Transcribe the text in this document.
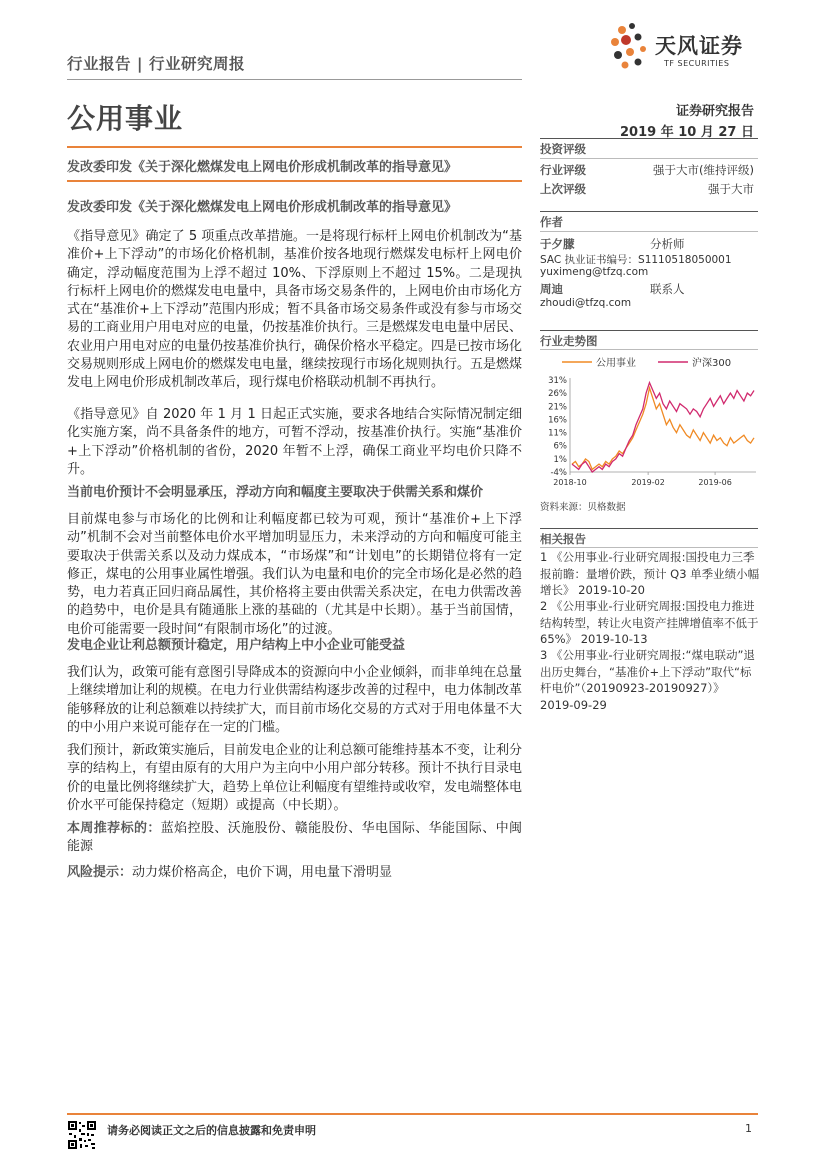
行业报告 | 行业研究周报
天风证券
TF SECURITIES
公用事业	证券研究报告
2019 年 10 月 27 日
发改委印发《关于深化燃煤发电上网电价形成机制改革的指导意见》
发改委印发《关于深化燃煤发电上网电价形成机制改革的指导意见》
《指导意见》确定了 5 项重点改革措施。一是将现行标杆上网电价机制改为“基准价+上下浮动”的市场化价格机制，基准价按各地现行燃煤发电标杆上网电价确定，浮动幅度范围为上浮不超过 10%、下浮原则上不超过 15%。二是现执行标杆上网电价的燃煤发电电量中，具备市场交易条件的，上网电价由市场化方式在“基准价+上下浮动”范围内形成；暂不具备市场交易条件或没有参与市场交易的工商业用户用电对应的电量，仍按基准价执行。三是燃煤发电电量中居民、农业用户用电对应的电量仍按基准价执行，确保价格水平稳定。四是已按市场化交易规则形成上网电价的燃煤发电电量，继续按现行市场化规则执行。五是燃煤发电上网电价形成机制改革后，现行煤电价格联动机制不再执行。
《指导意见》自 2020 年 1 月 1 日起正式实施，要求各地结合实际情况制定细化实施方案，尚不具备条件的地方，可暂不浮动，按基准价执行。实施“基准价+上下浮动”价格机制的省份，2020 年暂不上浮，确保工商业平均电价只降不升。
当前电价预计不会明显承压，浮动方向和幅度主要取决于供需关系和煤价
目前煤电参与市场化的比例和让利幅度都已较为可观，预计“基准价+上下浮动”机制不会对当前整体电价水平增加明显压力，未来浮动的方向和幅度可能主要取决于供需关系以及动力煤成本，“市场煤”和“计划电”的长期错位将有一定修正，煤电的公用事业属性增强。我们认为电量和电价的完全市场化是必然的趋势，电力若真正回归商品属性，其价格将主要由供需关系决定，在电力供需改善的趋势中，电价是具有随通胀上涨的基础的（尤其是中长期）。基于当前国情，电价可能需要一段时间“有限制市场化”的过渡。
发电企业让利总额预计稳定，用户结构上中小企业可能受益
我们认为，政策可能有意图引导降成本的资源向中小企业倾斜，而非单纯在总量上继续增加让利的规模。在电力行业供需结构逐步改善的过程中，电力体制改革能够释放的让利总额难以持续扩大，而目前市场化交易的方式对于用电体量不大的中小用户来说可能存在一定的门槛。
我们预计，新政策实施后，目前发电企业的让利总额可能维持基本不变，让利分享的结构上，有望由原有的大用户为主向中小用户部分转移。预计不执行目录电价的电量比例将继续扩大，趋势上单位让利幅度有望维持或收窄，发电端整体电价水平可能保持稳定（短期）或提高（中长期）。
本周推荐标的：蓝焰控股、沃施股份、赣能股份、华电国际、华能国际、中闽能源
风险提示：动力煤价格高企，电价下调，用电量下滑明显
投资评级
行业评级	强于大市(维持评级)
上次评级	强于大市
作者
于夕朦	分析师
SAC 执业证书编号：S1110518050001
yuximeng@tfzq.com
周迪	联系人
zhoudi@tfzq.com
行业走势图
公用事业	沪深300
31%
26%
21%
16%
11%
6%
1%
-4%
2018-10	2019-02	2019-06
资料来源：贝格数据
相关报告
1 《公用事业-行业研究周报:国投电力三季报前瞻：量增价跌，预计 Q3 单季业绩小幅增长》 2019-10-20
2 《公用事业-行业研究周报:国投电力推进结构转型，转让火电资产挂牌增值率不低于 65%》 2019-10-13
3 《公用事业-行业研究周报:“煤电联动”退出历史舞台，“基准价+上下浮动”取代“标杆电价”（20190923-20190927）》 2019-09-29
请务必阅读正文之后的信息披露和免责申明	1
